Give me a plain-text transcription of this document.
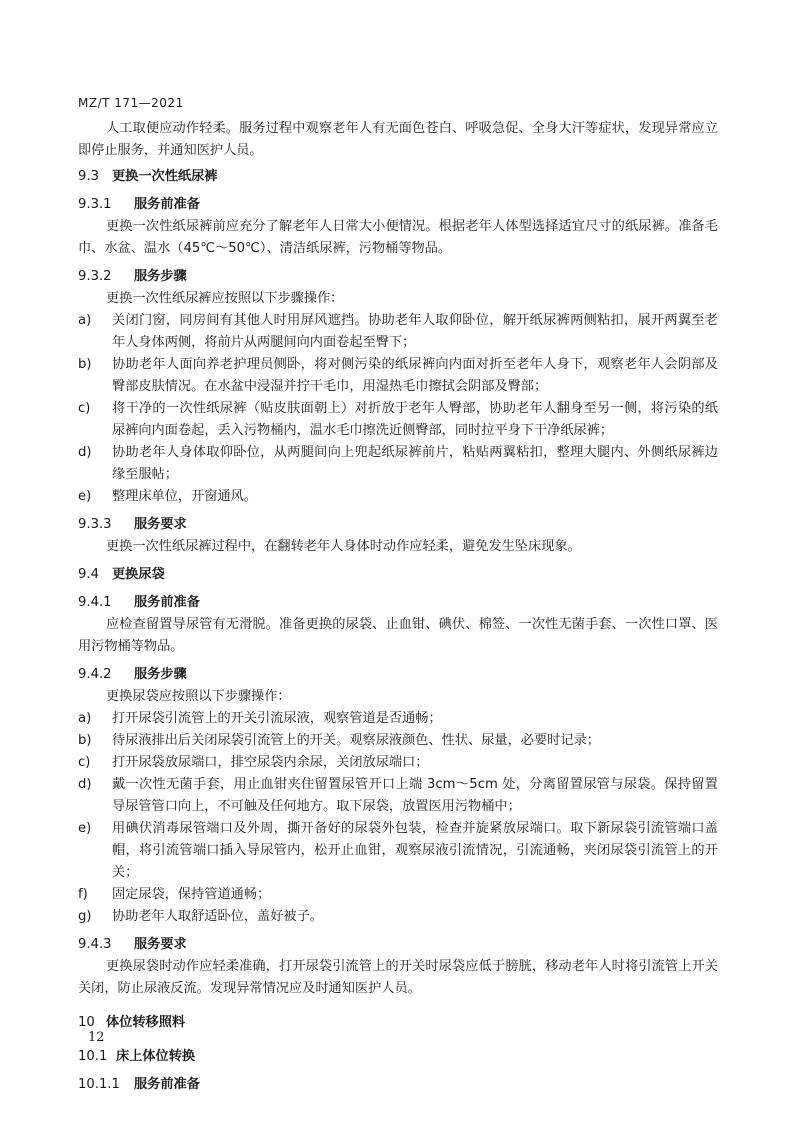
MZ/T 171—2021

人工取便应动作轻柔。服务过程中观察老年人有无面色苍白、呼吸急促、全身大汗等症状，发现异常应立即停止服务，并通知医护人员。

9.3 更换一次性纸尿裤
9.3.1 服务前准备

更换一次性纸尿裤前应充分了解老年人日常大小便情况。根据老年人体型选择适宜尺寸的纸尿裤。准备毛巾、水盆、温水（45℃～50℃）、清洁纸尿裤，污物桶等物品。

9.3.2 服务步骤

更换一次性纸尿裤应按照以下步骤操作：

a) 关闭门窗，同房间有其他人时用屏风遮挡。协助老年人取仰卧位，解开纸尿裤两侧粘扣，展开两翼至老年人身体两侧，将前片从两腿间向内面卷起至臀下；
b) 协助老年人面向养老护理员侧卧，将对侧污染的纸尿裤向内面对折至老年人身下，观察老年人会阴部及臀部皮肤情况。在水盆中浸湿并拧干毛巾，用湿热毛巾擦拭会阴部及臀部；
c) 将干净的一次性纸尿裤（贴皮肤面朝上）对折放于老年人臀部，协助老年人翻身至另一侧，将污染的纸尿裤向内面卷起，丢入污物桶内，温水毛巾擦洗近侧臀部，同时拉平身下干净纸尿裤；
d) 协助老年人身体取仰卧位，从两腿间向上兜起纸尿裤前片，粘贴两翼粘扣，整理大腿内、外侧纸尿裤边缘至服帖；
e) 整理床单位，开窗通风。
9.3.3 服务要求

更换一次性纸尿裤过程中，在翻转老年人身体时动作应轻柔，避免发生坠床现象。

9.4 更换尿袋
9.4.1 服务前准备

应检查留置导尿管有无滑脱。准备更换的尿袋、止血钳、碘伏、棉签、一次性无菌手套、一次性口罩、医用污物桶等物品。

9.4.2 服务步骤

更换尿袋应按照以下步骤操作：

a) 打开尿袋引流管上的开关引流尿液，观察管道是否通畅；
b) 待尿液排出后关闭尿袋引流管上的开关。观察尿液颜色、性状、尿量，必要时记录；
c) 打开尿袋放尿端口，排空尿袋内余尿，关闭放尿端口；
d) 戴一次性无菌手套，用止血钳夹住留置尿管开口上端 3cm～5cm 处，分离留置尿管与尿袋。保持留置导尿管管口向上，不可触及任何地方。取下尿袋，放置医用污物桶中；
e) 用碘伏消毒尿管端口及外周，撕开备好的尿袋外包装，检查并旋紧放尿端口。取下新尿袋引流管端口盖帽，将引流管端口插入导尿管内，松开止血钳，观察尿液引流情况，引流通畅，夹闭尿袋引流管上的开关；
f) 固定尿袋，保持管道通畅；
g) 协助老年人取舒适卧位，盖好被子。
9.4.3 服务要求

更换尿袋时动作应轻柔准确，打开尿袋引流管上的开关时尿袋应低于膀胱，移动老年人时将引流管上开关关闭，防止尿液反流。发现异常情况应及时通知医护人员。

10 体位转移照料
10.1 床上体位转换
10.1.1 服务前准备
12
